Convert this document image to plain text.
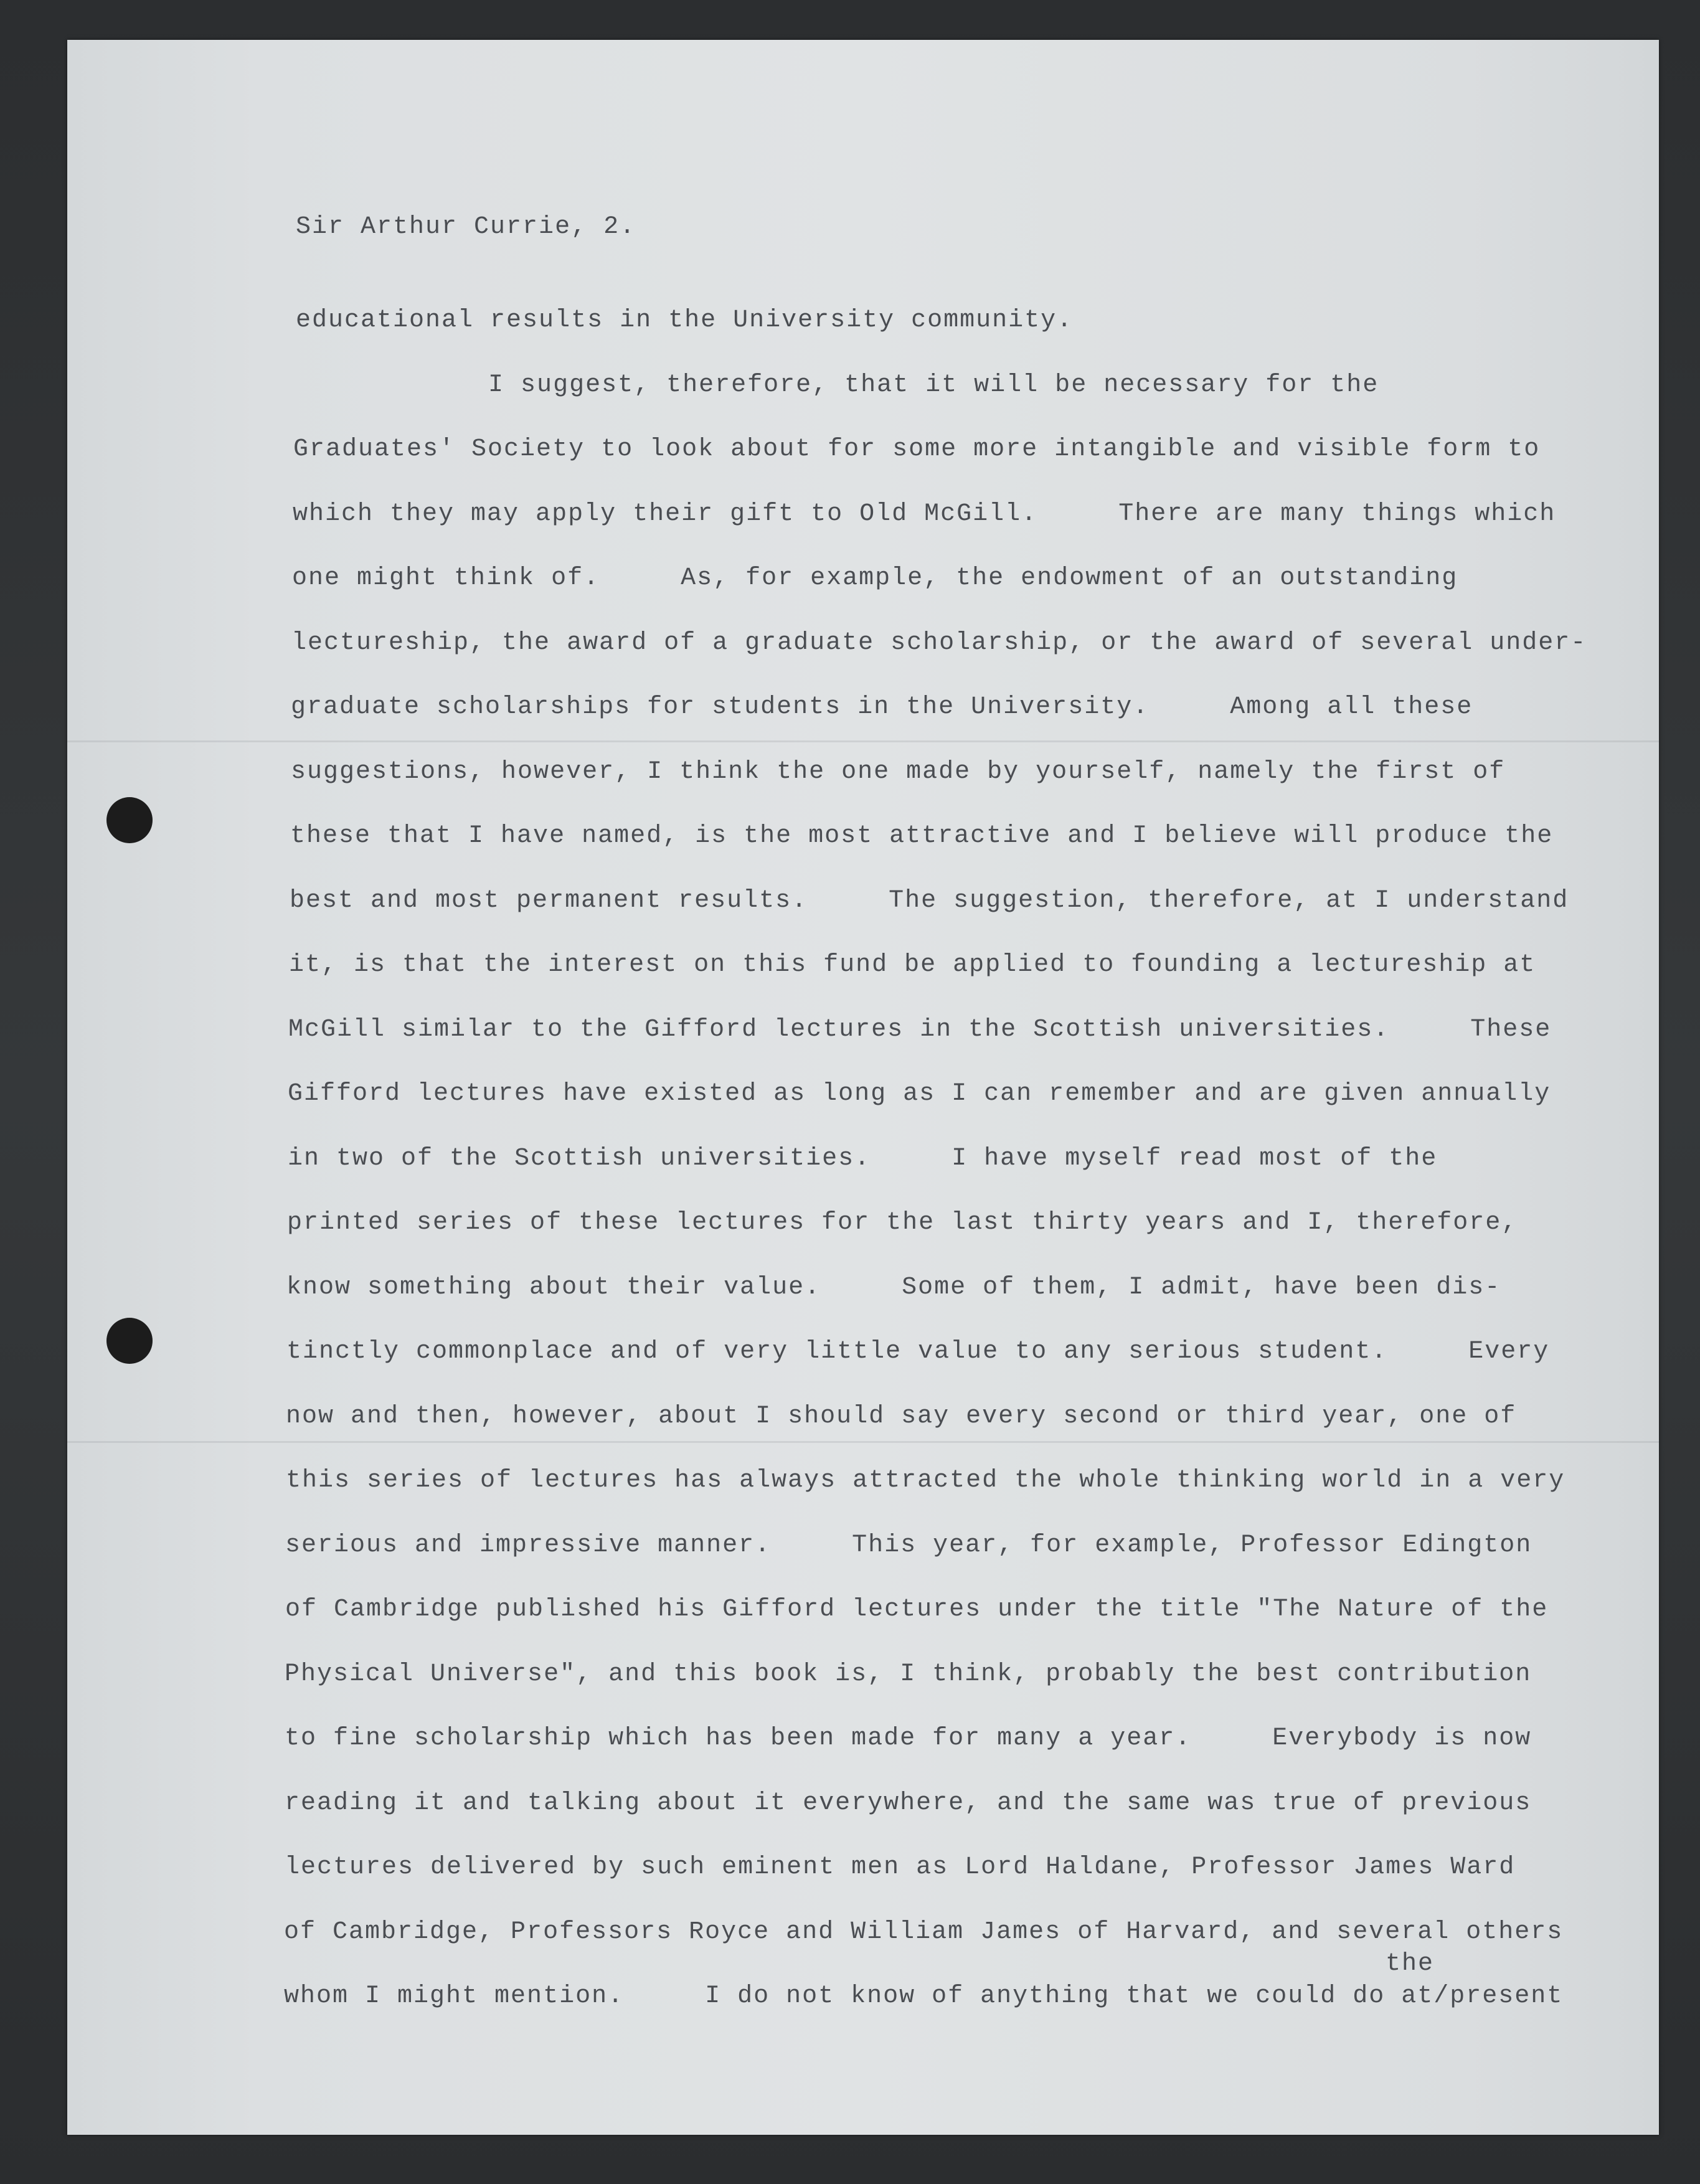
Sir Arthur Currie, 2.
educational results in the University community.
I suggest, therefore, that it will be necessary for the
Graduates' Society to look about for some more intangible and visible form to
which they may apply their gift to Old McGill.     There are many things which
one might think of.     As, for example, the endowment of an outstanding
lectureship, the award of a graduate scholarship, or the award of several under-
graduate scholarships for students in the University.     Among all these
suggestions, however, I think the one made by yourself, namely the first of
these that I have named, is the most attractive and I believe will produce the
best and most permanent results.     The suggestion, therefore, at I understand
it, is that the interest on this fund be applied to founding a lectureship at
McGill similar to the Gifford lectures in the Scottish universities.     These
Gifford lectures have existed as long as I can remember and are given annually
in two of the Scottish universities.     I have myself read most of the
printed series of these lectures for the last thirty years and I, therefore,
know something about their value.     Some of them, I admit, have been dis-
tinctly commonplace and of very little value to any serious student.     Every
now and then, however, about I should say every second or third year, one of
this series of lectures has always attracted the whole thinking world in a very
serious and impressive manner.     This year, for example, Professor Edington
of Cambridge published his Gifford lectures under the title "The Nature of the
Physical Universe", and this book is, I think, probably the best contribution
to fine scholarship which has been made for many a year.     Everybody is now
reading it and talking about it everywhere, and the same was true of previous
lectures delivered by such eminent men as Lord Haldane, Professor James Ward
of Cambridge, Professors Royce and William James of Harvard, and several others
whom I might mention.     I do not know of anything that we could do at/present
the
